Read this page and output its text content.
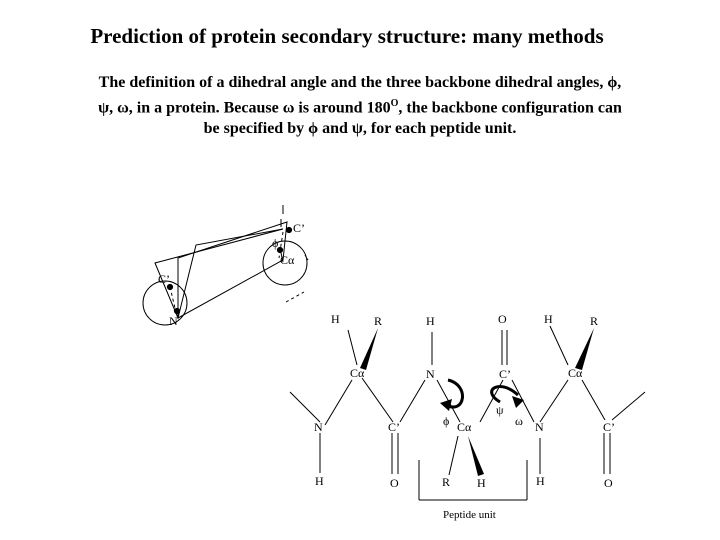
Prediction of protein secondary structure: many methods
The definition of a dihedral angle and the three backbone dihedral angles, ϕ,
ψ, ω, in a protein. Because ω is around $180^O$, the backbone configuration can
be specified by ϕ and ψ, for each peptide unit.
C’
ϕ
Cα
C’
N	H	R	H	O	H	R
Cα	N	C’	Cα
N	C’	Cα	N	C’
ϕ
ψ
ω
H	O	R H	H	O
Peptide unit
